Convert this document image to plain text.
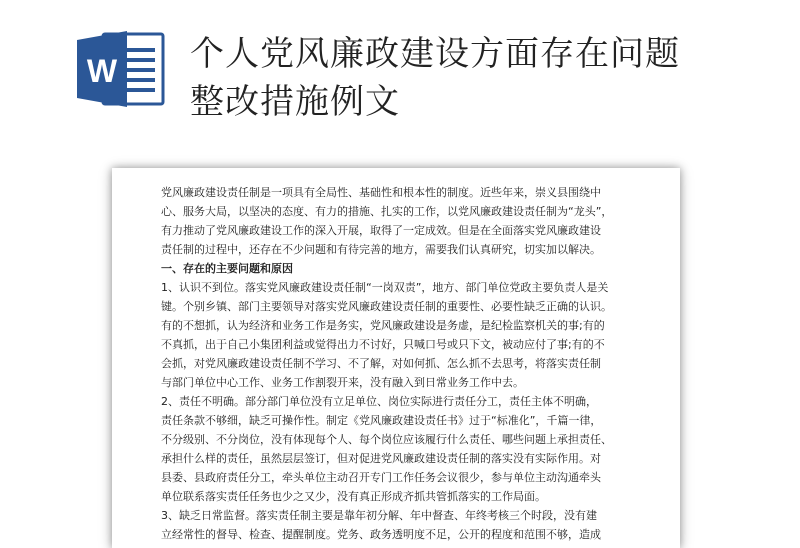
W 个人党风廉政建设方面存在问题
整改措施例文
党风廉政建设责任制是一项具有全局性、基础性和根本性的制度。近些年来，崇义县围绕中
心、服务大局，以坚决的态度、有力的措施、扎实的工作，以党风廉政建设责任制为“龙头”，
有力推动了党风廉政建设工作的深入开展，取得了一定成效。但是在全面落实党风廉政建设
责任制的过程中，还存在不少问题和有待完善的地方，需要我们认真研究，切实加以解决。
一、存在的主要问题和原因
1、认识不到位。落实党风廉政建设责任制“一岗双责”，地方、部门单位党政主要负责人是关
键。个别乡镇、部门主要领导对落实党风廉政建设责任制的重要性、必要性缺乏正确的认识。
有的不想抓，认为经济和业务工作是务实，党风廉政建设是务虚，是纪检监察机关的事;有的
不真抓，出于自己小集团利益或觉得出力不讨好，只喊口号或只下文，被动应付了事;有的不
会抓，对党风廉政建设责任制不学习、不了解，对如何抓、怎么抓不去思考，将落实责任制
与部门单位中心工作、业务工作割裂开来，没有融入到日常业务工作中去。
2、责任不明确。部分部门单位没有立足单位、岗位实际进行责任分工，责任主体不明确，
责任条款不够细，缺乏可操作性。制定《党风廉政建设责任书》过于“标准化”，千篇一律，
不分级别、不分岗位，没有体现每个人、每个岗位应该履行什么责任、哪些问题上承担责任、
承担什么样的责任，虽然层层签订，但对促进党风廉政建设责任制的落实没有实际作用。对
县委、县政府责任分工，牵头单位主动召开专门工作任务会议很少，参与单位主动沟通牵头
单位联系落实责任任务也少之又少，没有真正形成齐抓共管抓落实的工作局面。
3、缺乏日常监督。落实责任制主要是靠年初分解、年中督查、年终考核三个时段，没有建
立经常性的督导、检查、提醒制度。党务、政务透明度不足，公开的程度和范围不够，造成
